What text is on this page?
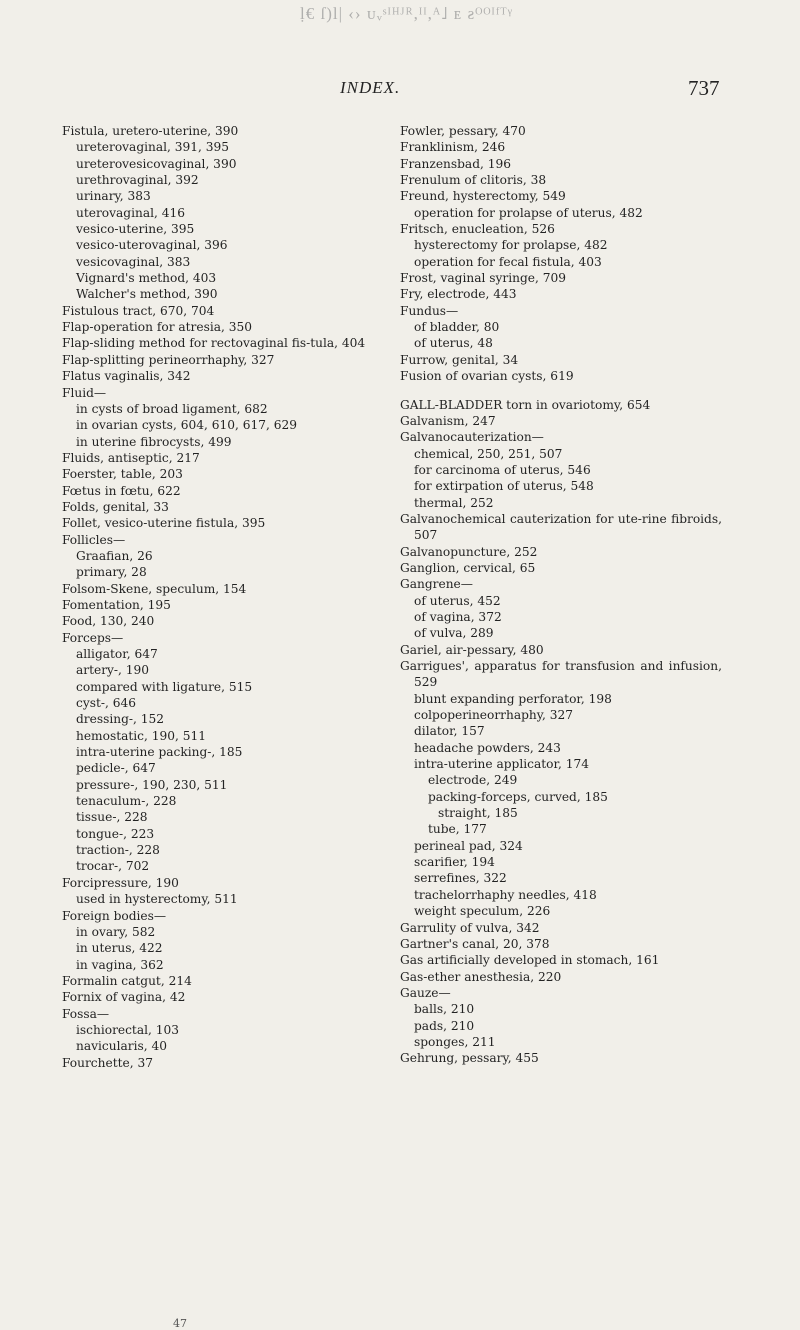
ḷ€ ſ)l| ‹› ᴜᵥˢᴵᴴᴶᴿ,ᴵᴵ,ᴬ˩ ᴇ ƨᴼᴼᴵᶠᵀᵞ
INDEX.	737
Fistula, uretero-uterine, 390
ureterovaginal, 391, 395
ureterovesicovaginal, 390
urethrovaginal, 392
urinary, 383
uterovaginal, 416
vesico-uterine, 395
vesico-uterovaginal, 396
vesicovaginal, 383
Vignard's method, 403
Walcher's method, 390
Fistulous tract, 670, 704
Flap-operation for atresia, 350
Flap-sliding method for rectovaginal fis-tula, 404
Flap-splitting perineorrhaphy, 327
Flatus vaginalis, 342
Fluid—
in cysts of broad ligament, 682
in ovarian cysts, 604, 610, 617, 629
in uterine fibrocysts, 499
Fluids, antiseptic, 217
Foerster, table, 203
Fœtus in fœtu, 622
Folds, genital, 33
Follet, vesico-uterine fistula, 395
Follicles—
Graafian, 26
primary, 28
Folsom-Skene, speculum, 154
Fomentation, 195
Food, 130, 240
Forceps—
alligator, 647
artery-, 190
compared with ligature, 515
cyst-, 646
dressing-, 152
hemostatic, 190, 511
intra-uterine packing-, 185
pedicle-, 647
pressure-, 190, 230, 511
tenaculum-, 228
tissue-, 228
tongue-, 223
traction-, 228
trocar-, 702
Forcipressure, 190
used in hysterectomy, 511
Foreign bodies—
in ovary, 582
in uterus, 422
in vagina, 362
Formalin catgut, 214
Fornix of vagina, 42
Fossa—
ischiorectal, 103
navicularis, 40
Fourchette, 37
Fowler, pessary, 470
Franklinism, 246
Franzensbad, 196
Frenulum of clitoris, 38
Freund, hysterectomy, 549
operation for prolapse of uterus, 482
Fritsch, enucleation, 526
hysterectomy for prolapse, 482
operation for fecal fistula, 403
Frost, vaginal syringe, 709
Fry, electrode, 443
Fundus—
of bladder, 80
of uterus, 48
Furrow, genital, 34
Fusion of ovarian cysts, 619
GALL-BLADDER torn in ovariotomy, 654
Galvanism, 247
Galvanocauterization—
chemical, 250, 251, 507
for carcinoma of uterus, 546
for extirpation of uterus, 548
thermal, 252
Galvanochemical cauterization for ute-rine fibroids, 507
Galvanopuncture, 252
Ganglion, cervical, 65
Gangrene—
of uterus, 452
of vagina, 372
of vulva, 289
Gariel, air-pessary, 480
Garrigues', apparatus for transfusion and infusion, 529
blunt expanding perforator, 198
colpoperineorrhaphy, 327
dilator, 157
headache powders, 243
intra-uterine applicator, 174
electrode, 249
packing-forceps, curved, 185
straight, 185
tube, 177
perineal pad, 324
scarifier, 194
serrefines, 322
trachelorrhaphy needles, 418
weight speculum, 226
Garrulity of vulva, 342
Gartner's canal, 20, 378
Gas artificially developed in stomach, 161
Gas-ether anesthesia, 220
Gauze—
balls, 210
pads, 210
sponges, 211
Gehrung, pessary, 455
47
